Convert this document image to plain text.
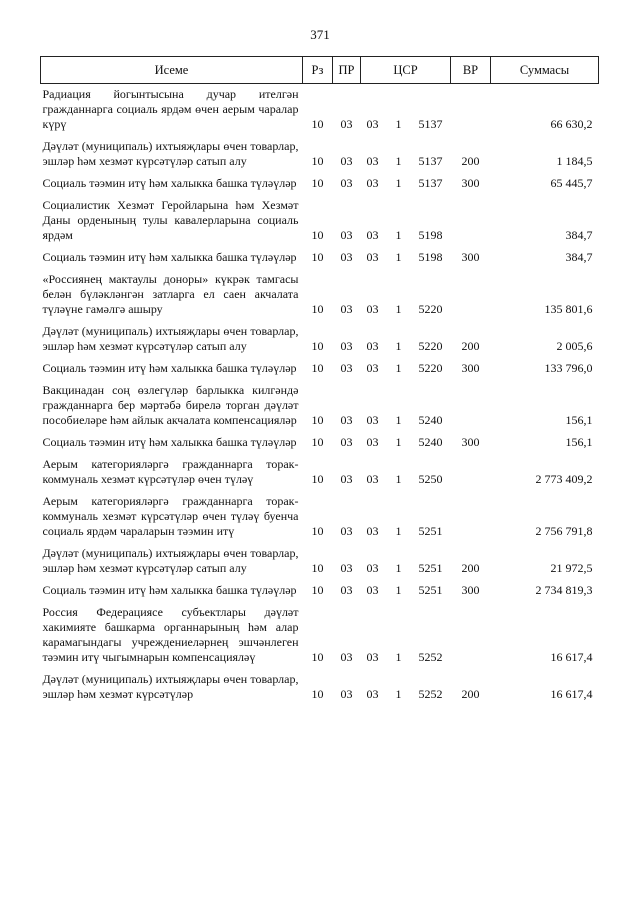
371
Исеме	Рз	ПР	ЦСР	ВР	Суммасы

Радиация йогынтысына дучар ителгән гражданнарга социаль ярдәм өчен аерым чаралар күрү	10	03	03 1 5137		66 630,2
Дәүләт (муниципаль) ихтыяҗлары өчен товарлар, эшләр һәм хезмәт күрсәтүләр сатып алу	10	03	03 1 5137	200	1 184,5
Социаль тәэмин итү һәм халыкка башка түләүләр	10	03	03 1 5137	300	65 445,7
Социалистик Хезмәт Геройларына һәм Хезмәт Даны орденының тулы кавалерларына социаль ярдәм	10	03	03 1 5198		384,7
Социаль тәэмин итү һәм халыкка башка түләүләр	10	03	03 1 5198	300	384,7
«Россиянең мактаулы доноры» күкрәк тамгасы белән бүләкләнгән затларга ел саен акчалата түләүне гамәлгә ашыру	10	03	03 1 5220		135 801,6
Дәүләт (муниципаль) ихтыяҗлары өчен товарлар, эшләр һәм хезмәт күрсәтүләр сатып алу	10	03	03 1 5220	200	2 005,6
Социаль тәэмин итү һәм халыкка башка түләүләр	10	03	03 1 5220	300	133 796,0
Вакцинадан соң өзлегүләр барлыкка килгәндә гражданнарга бер мәртәбә бирелә торган дәүләт пособиеләре һәм айлык акчалата компенсацияләр	10	03	03 1 5240		156,1
Социаль тәэмин итү һәм халыкка башка түләүләр	10	03	03 1 5240	300	156,1
Аерым категорияләргә гражданнарга торак-коммуналь хезмәт күрсәтүләр өчен түләү	10	03	03 1 5250		2 773 409,2
Аерым категорияләргә гражданнарга торак-коммуналь хезмәт күрсәтүләр өчен түләү буенча социаль ярдәм чараларын тәэмин итү	10	03	03 1 5251		2 756 791,8
Дәүләт (муниципаль) ихтыяҗлары өчен товарлар, эшләр һәм хезмәт күрсәтүләр сатып алу	10	03	03 1 5251	200	21 972,5
Социаль тәэмин итү һәм халыкка башка түләүләр	10	03	03 1 5251	300	2 734 819,3
Россия Федерациясе субъектлары дәүләт хакимияте башкарма органнарының һәм алар карамагындагы учреждениеләрнең эшчәнлеген тәэмин итү чыгымнарын компенсацияләү	10	03	03 1 5252		16 617,4
Дәүләт (муниципаль) ихтыяҗлары өчен товарлар, эшләр һәм хезмәт күрсәтүләр	10	03	03 1 5252	200	16 617,4
